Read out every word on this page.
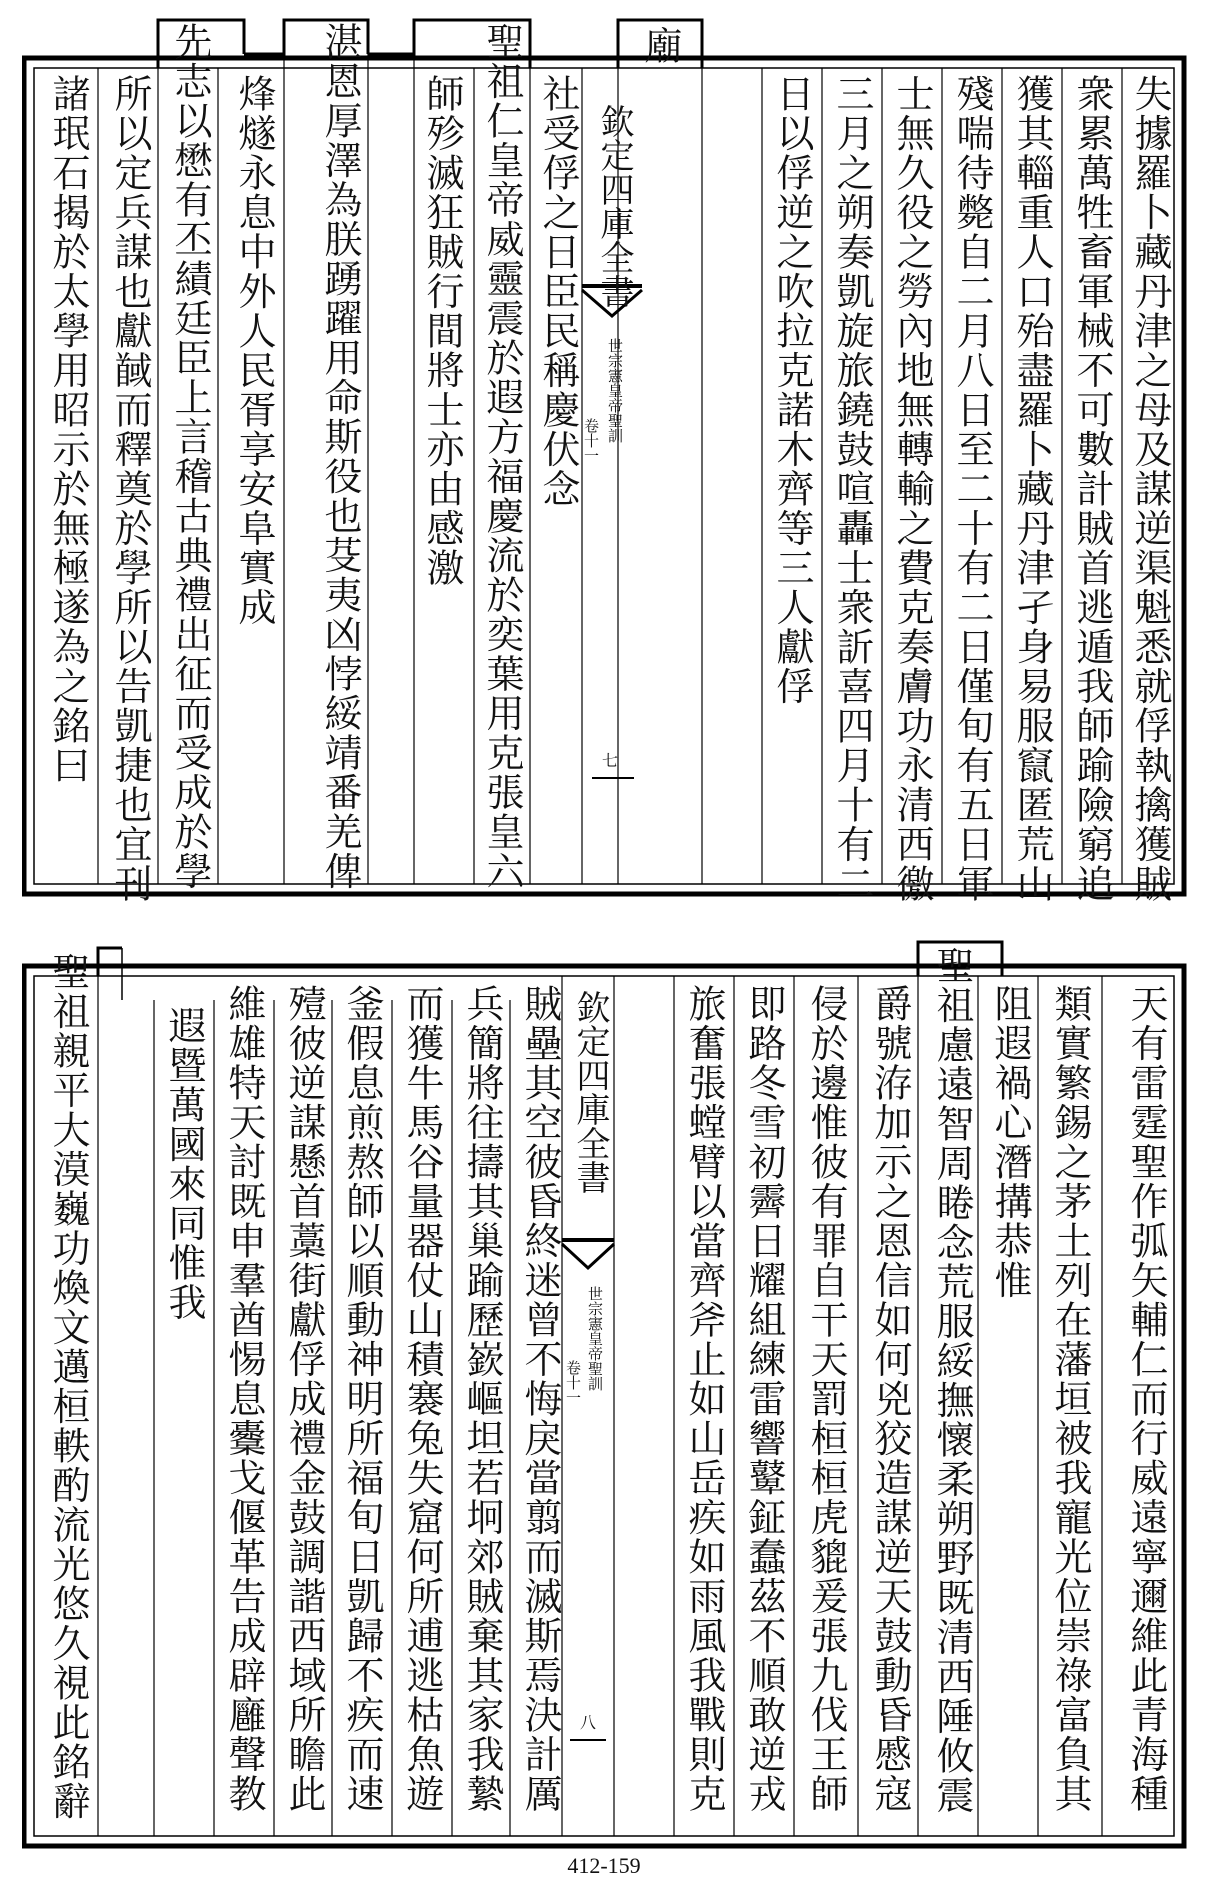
欽定四庫全書
世宗憲皇帝聖訓
卷十一
七
廟
失據羅卜藏丹津之母及謀逆渠魁悉就俘執擒獲賊
衆累萬牲畜軍械不可數計賊首逃遁我師踰險窮追
獲其輜重人口殆盡羅卜藏丹津孑身易服竄匿荒山
殘喘待斃自二月八日至二十有二日僅旬有五日軍
士無久役之勞內地無轉輸之費克奏膚功永清西徼
三月之朔奏凱旋旅鐃鼓喧轟士衆訢喜四月十有二
日以俘逆之吹拉克諾木齊等三人獻俘
社受俘之日臣民稱慶伏念
聖祖仁皇帝威靈震於遐方福慶流於奕葉用克張皇六
師殄滅狂賊行間將士亦由感激
湛恩厚澤為朕踴躍用命斯役也芟夷凶悖綏靖番羌俾
烽燧永息中外人民胥享安阜實成
先志以懋有丕績廷臣上言稽古典禮出征而受成於學
所以定兵謀也獻馘而釋奠於學所以告凱捷也宜刊
諸珉石揭於太學用昭示於無極遂為之銘曰
欽定四庫全書
世宗憲皇帝聖訓
卷十一
八	天有雷霆聖作弧矢輔仁而行威遠寧邇維此青海種
類實繁錫之茅土列在藩垣被我寵光位崇祿富負其
阻遐禍心潛搆恭惟
聖祖慮遠智周睠念荒服綏撫懷柔朔野既清西陲攸震
爵號洊加示之恩信如何兇狡造謀逆天鼓動昏慼寇
侵於邊惟彼有罪自干天罰桓桓虎貔爰張九伐王師
即路冬雪初霽日耀組練雷響鼙鉦蠢茲不順敢逆戎
旅奮張螳臂以當齊斧止如山岳疾如雨風我戰則克
賊壘其空彼昏終迷曾不悔戾當翦而滅斯焉決計厲
兵簡將往擣其巢踰歷嶔嶇坦若坰郊賊棄其家我縶
而獲牛馬谷量器仗山積褰兔失窟何所逋逃枯魚遊
釜假息煎熬師以順動神明所福旬日凱歸不疾而速
殪彼逆謀懸首藁街獻俘成禮金鼓調諧西域所瞻此
維雄特天討既申羣酋惕息櫜戈偃革告成辟廱聲教
遐暨萬國來同惟我
聖祖親平大漠巍功煥文邁桓軼酌流光悠久視此銘辭
412-159
